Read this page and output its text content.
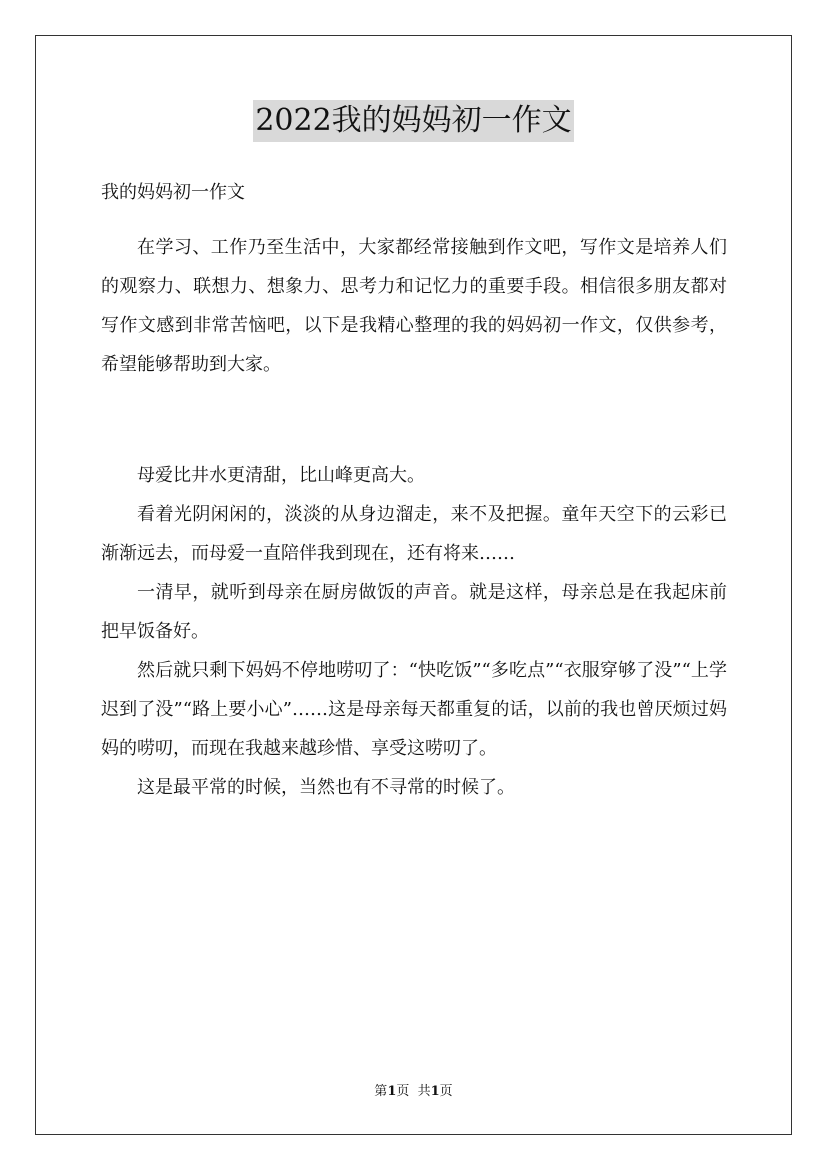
2022我的妈妈初一作文
我的妈妈初一作文

在学习、工作乃至生活中，大家都经常接触到作文吧，写作文是培养人们的观察力、联想力、想象力、思考力和记忆力的重要手段。相信很多朋友都对写作文感到非常苦恼吧，以下是我精心整理的我的妈妈初一作文，仅供参考，希望能够帮助到大家。

母爱比井水更清甜，比山峰更高大。

看着光阴闲闲的，淡淡的从身边溜走，来不及把握。童年天空下的云彩已渐渐远去，而母爱一直陪伴我到现在，还有将来……

一清早，就听到母亲在厨房做饭的声音。就是这样，母亲总是在我起床前把早饭备好。

然后就只剩下妈妈不停地唠叨了：“快吃饭”“多吃点”“衣服穿够了没”“上学迟到了没”“路上要小心”……这是母亲每天都重复的话，以前的我也曾厌烦过妈妈的唠叨，而现在我越来越珍惜、享受这唠叨了。

这是最平常的时候，当然也有不寻常的时候了。

第1页  共1页
